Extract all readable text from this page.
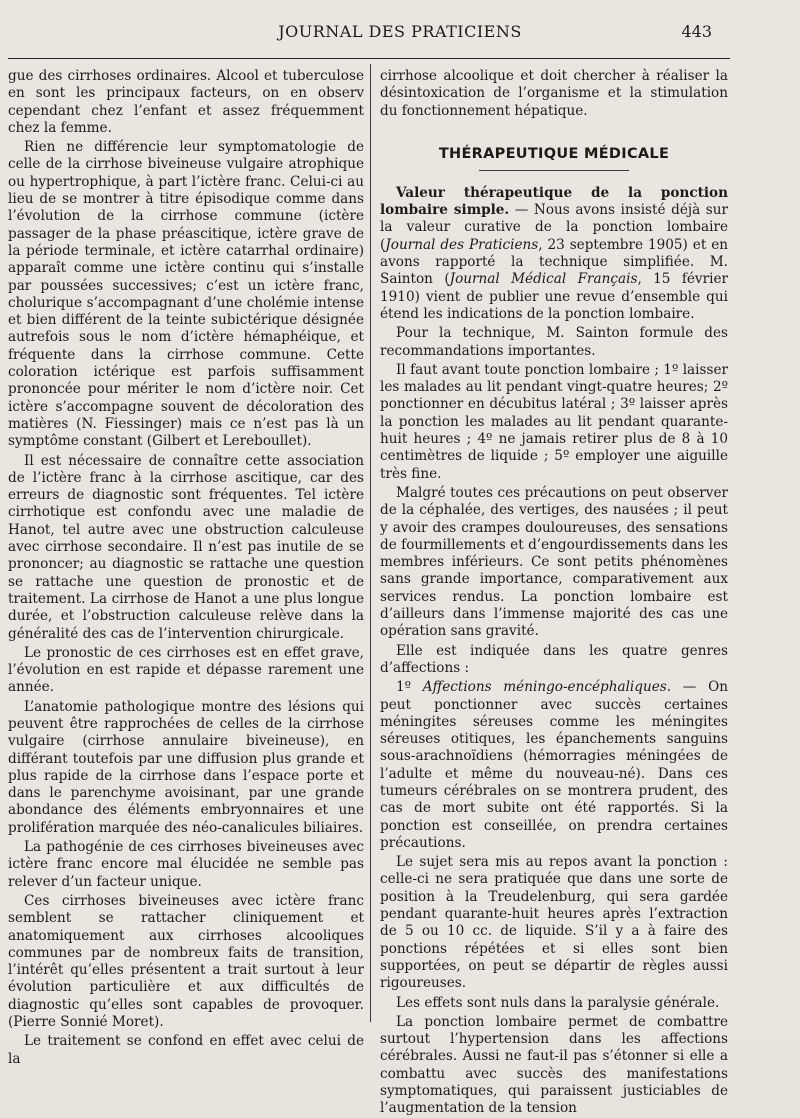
JOURNAL DES PRATICIENS	443

gue des cirrhoses ordinaires. Alcool et tuberculose en sont les principaux facteurs, on en observ cependant chez l’enfant et assez fréquemment chez la femme.

Rien ne différencie leur symptomatologie de celle de la cirrhose biveineuse vulgaire atrophique ou hypertrophique, à part l’ictère franc. Celui-ci au lieu de se montrer à titre épisodique comme dans l’évolution de la cirrhose commune (ictère passager de la phase préascitique, ictère grave de la période terminale, et ictère catarrhal ordinaire) apparaît comme une ictère continu qui s’installe par poussées successives; c’est un ictère franc, cholurique s’accompagnant d’une cholémie intense et bien différent de la teinte subictérique désignée autrefois sous le nom d’ictère hémaphéique, et fréquente dans la cirrhose commune. Cette coloration ictérique est parfois suffisamment prononcée pour mériter le nom d’ictère noir. Cet ictère s’accompagne souvent de décoloration des matières (N. Fiessinger) mais ce n’est pas là un symptôme constant (Gilbert et Lereboullet).

Il est nécessaire de connaître cette association de l’ictère franc à la cirrhose ascitique, car des erreurs de diagnostic sont fréquentes. Tel ictère cirrhotique est confondu avec une maladie de Hanot, tel autre avec une obstruction calculeuse avec cirrhose secondaire. Il n’est pas inutile de se prononcer; au diagnostic se rattache une question se rattache une question de pronostic et de traitement. La cirrhose de Hanot a une plus longue durée, et l’obstruction calculeuse relève dans la généralité des cas de l’intervention chirurgicale.

Le pronostic de ces cirrhoses est en effet grave, l’évolution en est rapide et dépasse rarement une année.

L’anatomie pathologique montre des lésions qui peuvent être rapprochées de celles de la cirrhose vulgaire (cirrhose annulaire biveineuse), en différant toutefois par une diffusion plus grande et plus rapide de la cirrhose dans l’espace porte et dans le parenchyme avoisinant, par une grande abondance des éléments embryonnaires et une prolifération marquée des néo-canalicules biliaires.

La pathogénie de ces cirrhoses biveineuses avec ictère franc encore mal élucidée ne semble pas relever d’un facteur unique.

Ces cirrhoses biveineuses avec ictère franc semblent se rattacher cliniquement et anatomiquement aux cirrhoses alcooliques communes par de nombreux faits de transition, l’intérêt qu’elles présentent a trait surtout à leur évolution particulière et aux difficultés de diagnostic qu’elles sont capables de provoquer. (Pierre Sonnié Moret).

Le traitement se confond en effet avec celui de la

cirrhose alcoolique et doit chercher à réaliser la désintoxication de l’organisme et la stimulation du fonctionnement hépatique.

THÉRAPEUTIQUE MÉDICALE

Valeur thérapeutique de la ponction lombaire simple. — Nous avons insisté déjà sur la valeur curative de la ponction lombaire (Journal des Praticiens, 23 septembre 1905) et en avons rapporté la technique simplifiée. M. Sainton (Journal Médical Français, 15 février 1910) vient de publier une revue d’ensemble qui étend les indications de la ponction lombaire.

Pour la technique, M. Sainton formule des recommandations importantes.

Il faut avant toute ponction lombaire ; 1º laisser les malades au lit pendant vingt-quatre heures; 2º ponctionner en décubitus latéral ; 3º laisser après la ponction les malades au lit pendant quarante-huit heures ; 4º ne jamais retirer plus de 8 à 10 centimètres de liquide ; 5º employer une aiguille très fine.

Malgré toutes ces précautions on peut observer de la céphalée, des vertiges, des nausées ; il peut y avoir des crampes douloureuses, des sensations de fourmillements et d’engourdissements dans les membres inférieurs. Ce sont petits phénomènes sans grande importance, comparativement aux services rendus. La ponction lombaire est d’ailleurs dans l’immense majorité des cas une opération sans gravité.

Elle est indiquée dans les quatre genres d’affections :

1º Affections méningo-encéphaliques. — On peut ponctionner avec succès certaines méningites séreuses comme les méningites séreuses otitiques, les épanchements sanguins sous-arachnoïdiens (hémorragies méningées de l’adulte et même du nouveau-né). Dans ces tumeurs cérébrales on se montrera prudent, des cas de mort subite ont été rapportés. Si la ponction est conseillée, on prendra certaines précautions.

Le sujet sera mis au repos avant la ponction : celle-ci ne sera pratiquée que dans une sorte de position à la Treudelenburg, qui sera gardée pendant quarante-huit heures après l’extraction de 5 ou 10 cc. de liquide. S’il y a à faire des ponctions répétées et si elles sont bien supportées, on peut se départir de règles aussi rigoureuses.

Les effets sont nuls dans la paralysie générale.

La ponction lombaire permet de combattre surtout l’hypertension dans les affections cérébrales. Aussi ne faut-il pas s’étonner si elle a combattu avec succès des manifestations symptomatiques, qui paraissent justiciables de l’augmentation de la tension
